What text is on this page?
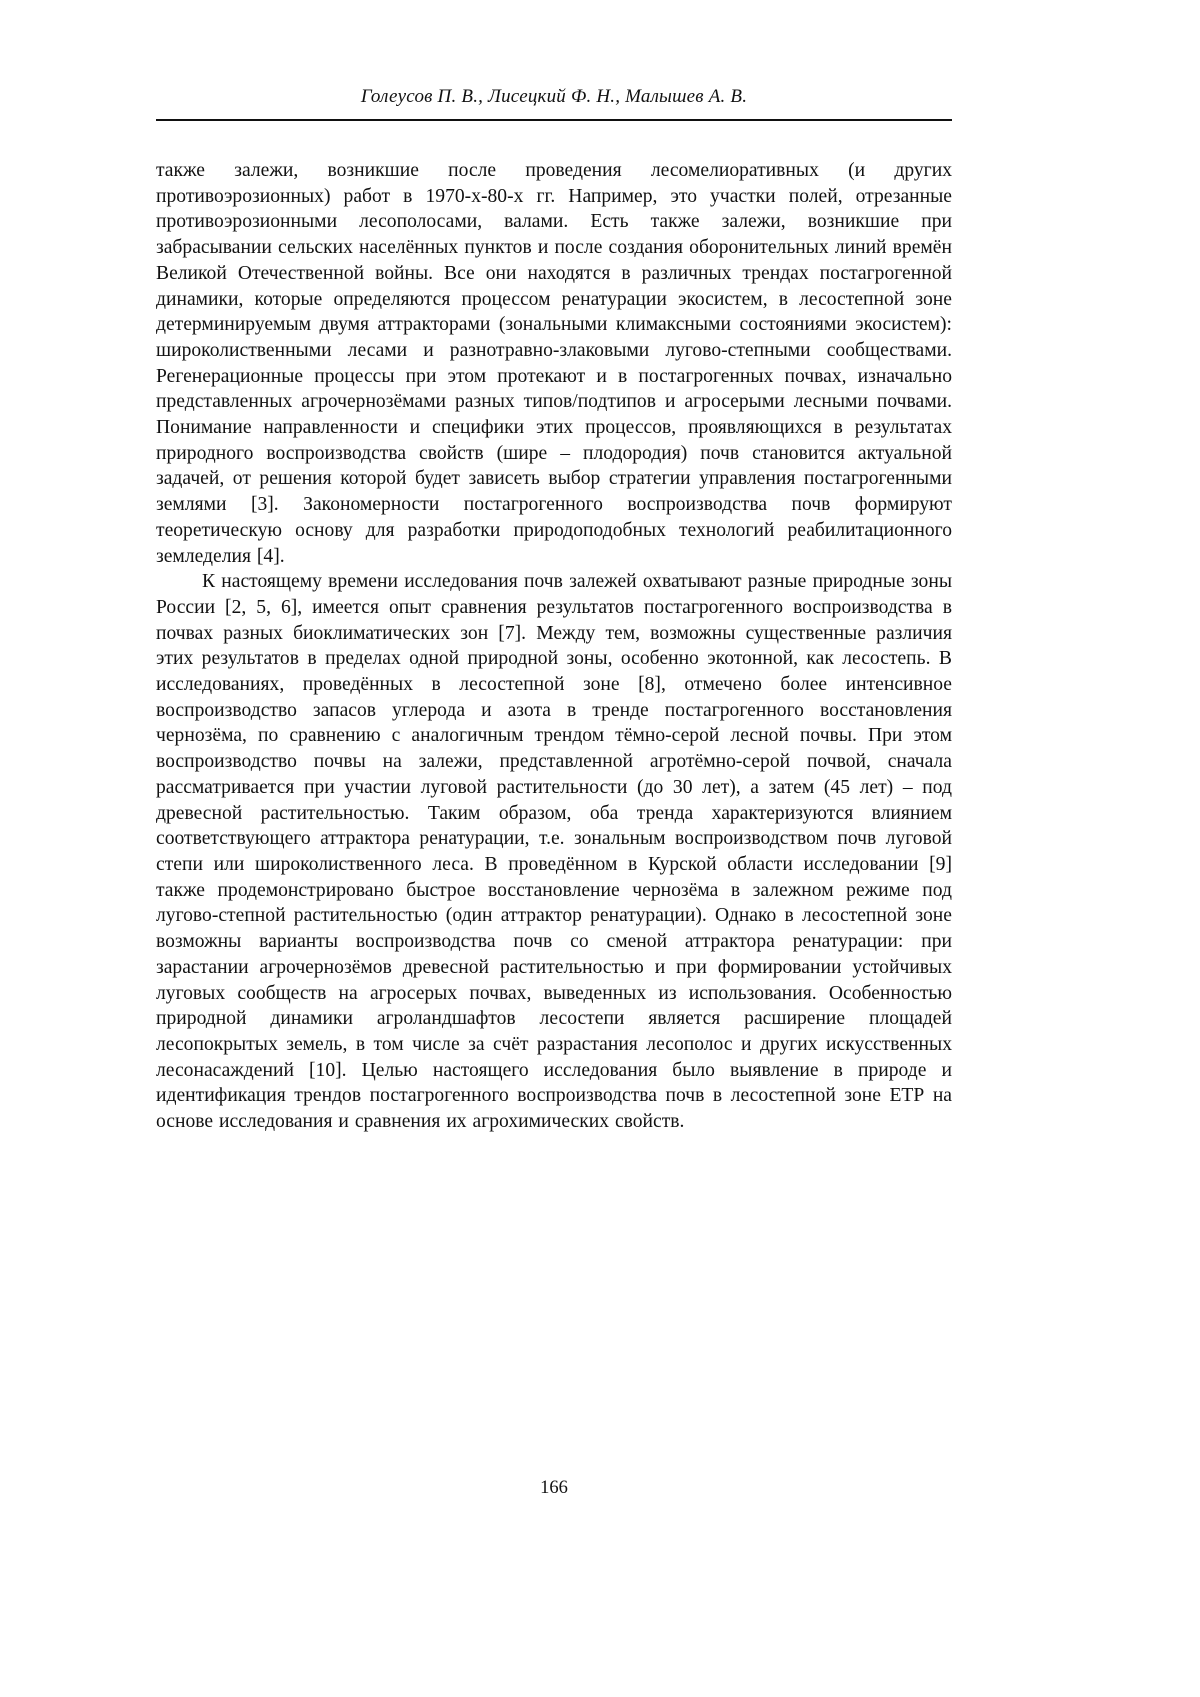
Голеусов П. В., Лисецкий Ф. Н., Малышев А. В.

также залежи, возникшие после проведения лесомелиоративных (и других противоэрозионных) работ в 1970-х-80-х гг. Например, это участки полей, отрезанные противоэрозионными лесополосами, валами. Есть также залежи, возникшие при забрасывании сельских населённых пунктов и после создания оборонительных линий времён Великой Отечественной войны. Все они находятся в различных трендах постагрогенной динамики, которые определяются процессом ренатурации экосистем, в лесостепной зоне детерминируемым двумя аттракторами (зональными климаксными состояниями экосистем): широколиственными лесами и разнотравно-злаковыми лугово-степными сообществами. Регенерационные процессы при этом протекают и в постагрогенных почвах, изначально представленных агрочернозёмами разных типов/подтипов и агросерыми лесными почвами. Понимание направленности и специфики этих процессов, проявляющихся в результатах природного воспроизводства свойств (шире – плодородия) почв становится актуальной задачей, от решения которой будет зависеть выбор стратегии управления постагрогенными землями [3]. Закономерности постагрогенного воспроизводства почв формируют теоретическую основу для разработки природоподобных технологий реабилитационного земледелия [4].

К настоящему времени исследования почв залежей охватывают разные природные зоны России [2, 5, 6], имеется опыт сравнения результатов постагрогенного воспроизводства в почвах разных биоклиматических зон [7]. Между тем, возможны существенные различия этих результатов в пределах одной природной зоны, особенно экотонной, как лесостепь. В исследованиях, проведённых в лесостепной зоне [8], отмечено более интенсивное воспроизводство запасов углерода и азота в тренде постагрогенного восстановления чернозёма, по сравнению с аналогичным трендом тёмно-серой лесной почвы. При этом воспроизводство почвы на залежи, представленной агротёмно-серой почвой, сначала рассматривается при участии луговой растительности (до 30 лет), а затем (45 лет) – под древесной растительностью. Таким образом, оба тренда характеризуются влиянием соответствующего аттрактора ренатурации, т.е. зональным воспроизводством почв луговой степи или широколиственного леса. В проведённом в Курской области исследовании [9] также продемонстрировано быстрое восстановление чернозёма в залежном режиме под лугово-степной растительностью (один аттрактор ренатурации). Однако в лесостепной зоне возможны варианты воспроизводства почв со сменой аттрактора ренатурации: при зарастании агрочернозёмов древесной растительностью и при формировании устойчивых луговых сообществ на агросерых почвах, выведенных из использования. Особенностью природной динамики агроландшафтов лесостепи является расширение площадей лесопокрытых земель, в том числе за счёт разрастания лесополос и других искусственных лесонасаждений [10]. Целью настоящего исследования было выявление в природе и идентификация трендов постагрогенного воспроизводства почв в лесостепной зоне ЕТР на основе исследования и сравнения их агрохимических свойств.

166
